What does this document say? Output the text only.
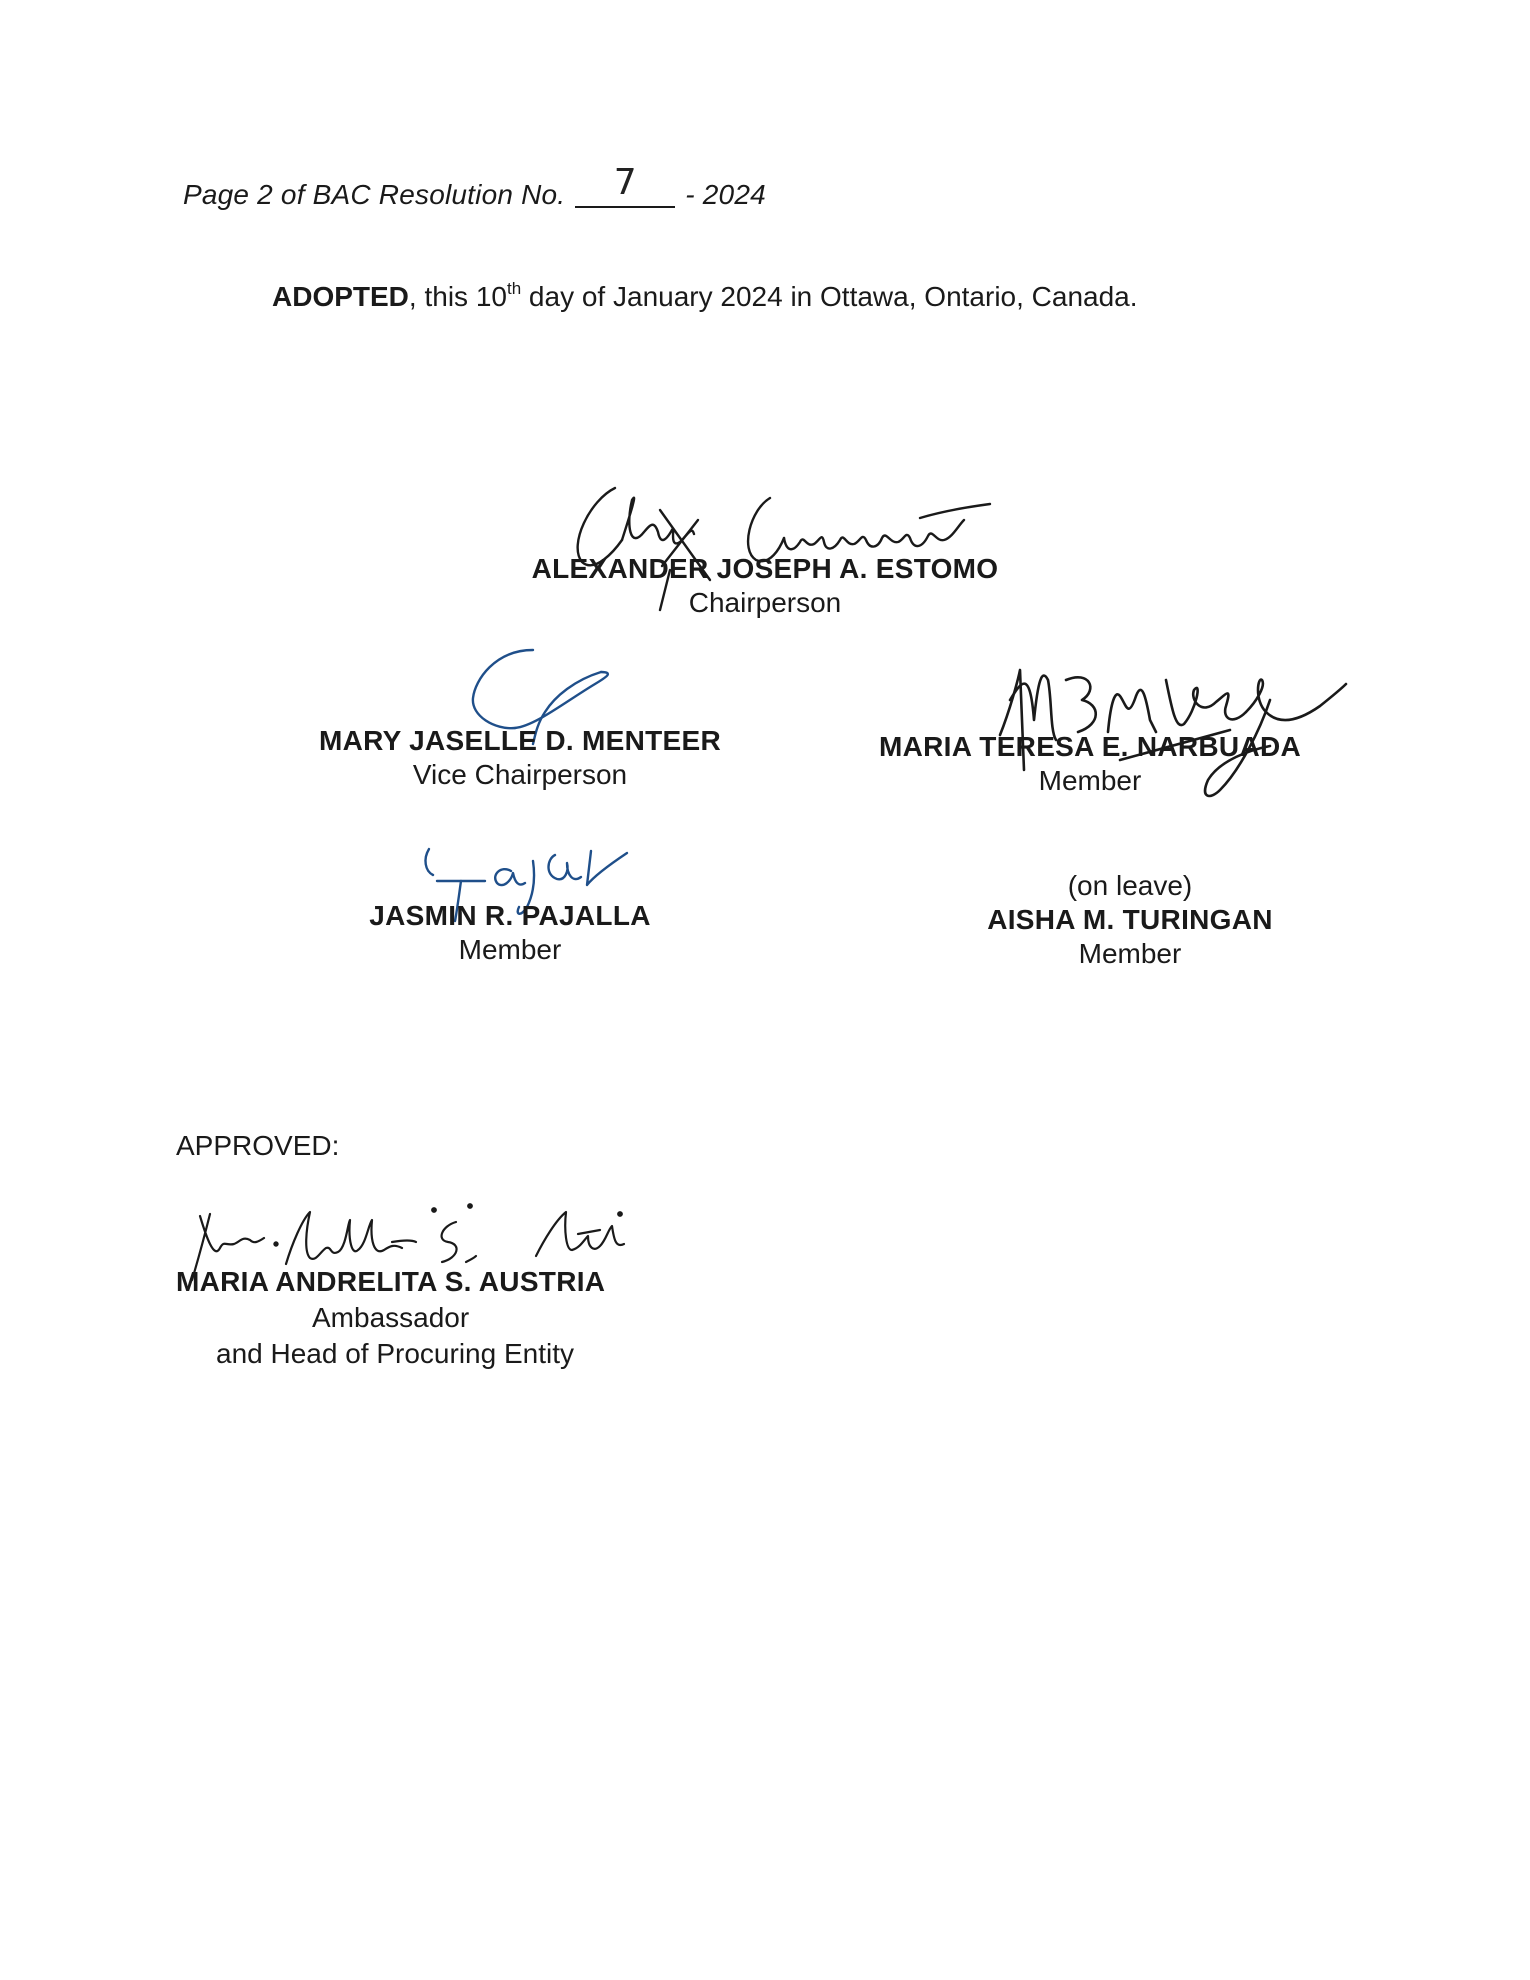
Page 2 of BAC Resolution No.	7	- 2024
ADOPTED, this 10th day of January 2024 in Ottawa, Ontario, Canada.
ALEXANDER JOSEPH A. ESTOMO
Chairperson
MARY JASELLE D. MENTEER
Vice Chairperson
MARIA TERESA E. NARBUADA
Member
JASMIN R. PAJALLA
Member
(on leave)
AISHA M. TURINGAN
Member
APPROVED:
MARIA ANDRELITA S. AUSTRIA
Ambassador
and Head of Procuring Entity
